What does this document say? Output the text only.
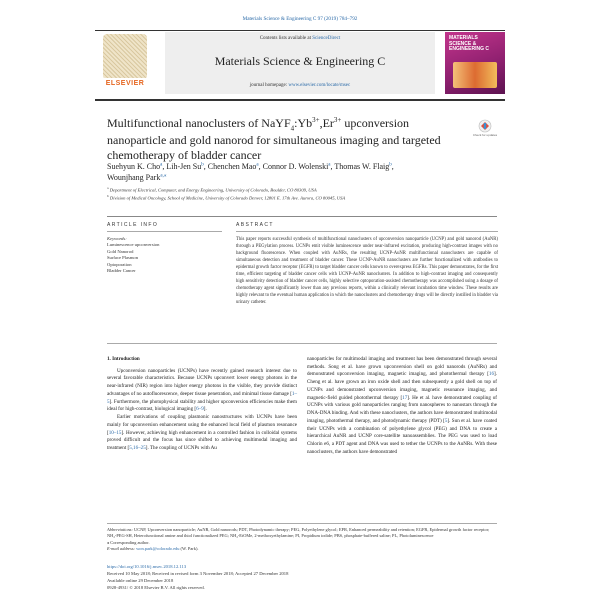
Materials Science & Engineering C 97 (2019) 784–792
ELSEVIER
Contents lists available at ScienceDirect
Materials Science & Engineering C
journal homepage: www.elsevier.com/locate/msec
MATERIALS SCIENCE & ENGINEERING C
Multifunctional nanoclusters of $NaYF_4:Yb^{3+},Er^{3+}$ upconversion
nanoparticle and gold nanorod for simultaneous imaging and targeted
chemotherapy of bladder cancer
Check for updates
Suehyun K. Cho$^a$, Lih-Jen Su$^b$, Chenchen Mao$^a$, Connor D. Wolenski$^a$, Thomas W. Flaig$^b$,
Wounjhang Park$^{a,⁎}$
$^a$ Department of Electrical, Computer, and Energy Engineering, University of Colorado, Boulder, CO 80309, USA
$^b$ Division of Medical Oncology, School of Medicine, University of Colorado Denver, 12801 E. 17th Ave. Aurora, CO 80045, USA
ARTICLE INFO	ABSTRACT
Keywords:
Luminescence upconversion
Gold Nanorod
Surface Plasmon
Optoporation
Bladder Cancer
This paper reports successful synthesis of multifunctional nanoclusters of upconversion nanoparticle (UCNP) and gold nanorod (AuNR) through a PEGylation process. UCNPs emit visible luminescence under near-infrared excitation, producing high-contrast images with no background fluorescence. When coupled with AuNRs, the resulting UCNP-AuNR multifunctional nanoclusters are capable of simultaneous detection and treatment of bladder cancer. These UCNP-AuNR nanoclusters are further functionalized with antibodies to epidermal growth factor receptor (EGFR) to target bladder cancer cells known to overexpress EGFRs. This paper demonstrates, for the first time, efficient targeting of bladder cancer cells with UCNP-AuNR nanoclusters. In addition to high-contrast imaging and consequently high sensitivity detection of bladder cancer cells, highly selective optoporation-assisted chemotherapy was accomplished using a dosage of chemotherapy agent significantly lower than any previous reports, within a clinically relevant incubation time window. These results are highly relevant to the eventual human application in which the nanoclusters and chemotherapy drugs will be directly instilled in bladder via urinary catheter.
1. Introduction
Upconversion nanoparticles (UCNPs) have recently gained research interest due to several favorable characteristics. Because UCNPs upconvert lower energy photons in the near-infrared (NIR) region into higher energy photons in the visible, they provide distinct advantages of no autofluorescence, deeper tissue penetration, and minimal tissue damage [1–5]. Furthermore, the photophysical stability and higher upconversion efficiencies make them ideal for high-contrast, biological imaging [6–9].
Earlier motivations of coupling plasmonic nanostructures with UCNPs have been mainly for upconversion enhancement using the enhanced local field of plasmon resonance [10–15]. However, achieving high enhancement in a controlled fashion in colloidal systems proved difficult and the focus has since shifted to achieving multimodal imaging and treatment [5,16–25]. The coupling of UCNPs with Au
nanoparticles for multimodal imaging and treatment has been demonstrated through several methods. Song et al. have grown upconversion shell on gold nanorods (AuNRs) and demonstrated upconversion imaging, magnetic imaging, and photothermal therapy [16]. Cheng et al. have grown an iron oxide shell and then subsequently a gold shell on top of UCNPs and demonstrated upconversion imaging, magnetic resonance imaging, and magnetic-field guided photothermal therapy [17]. He et al. have demonstrated coupling of UCNPs with various gold nanoparticles ranging from nanospheres to nanostars through the DNA-DNA binding. And with these nanoclusters, the authors have demonstrated multimodal imaging, photothermal therapy, and photodynamic therapy (PDT) [5]. Sun et al. have coated their UCNPs with a combination of polyethylene glycol (PEG) and DNA to create a hierarchical AuNR and UCNP core-satellite nanoassemblies. The PEG was used to load Chlorin e6, a PDT agent and DNA was used to tether the UCNPs to the AuNRs. With these nanoclusters, the authors have demonstrated
Abbreviations: UCNP, Upconversion nanoparticle; AuNR, Gold nanorods; PDT, Photodynamic therapy; PEG, Polyethylene glycol; EPR, Enhanced permeability and retention; EGFR, Epidermal growth factor receptor; NH₂-PEG-SH, Heterofunctional amine and thiol functionalized PEG; NH₂-EtOMe, 2-methoxyethylamine; PI, Propidium iodide; PBS, phosphate-buffered saline; PL, Photoluminescence
⁎ Corresponding author.
E-mail address: won.park@colorado.edu (W. Park).
https://doi.org/10.1016/j.msec.2018.12.113
Received 10 May 2018; Received in revised form 3 November 2018; Accepted 27 December 2018
Available online 29 December 2018
0928-4931/ © 2018 Elsevier B.V. All rights reserved.
